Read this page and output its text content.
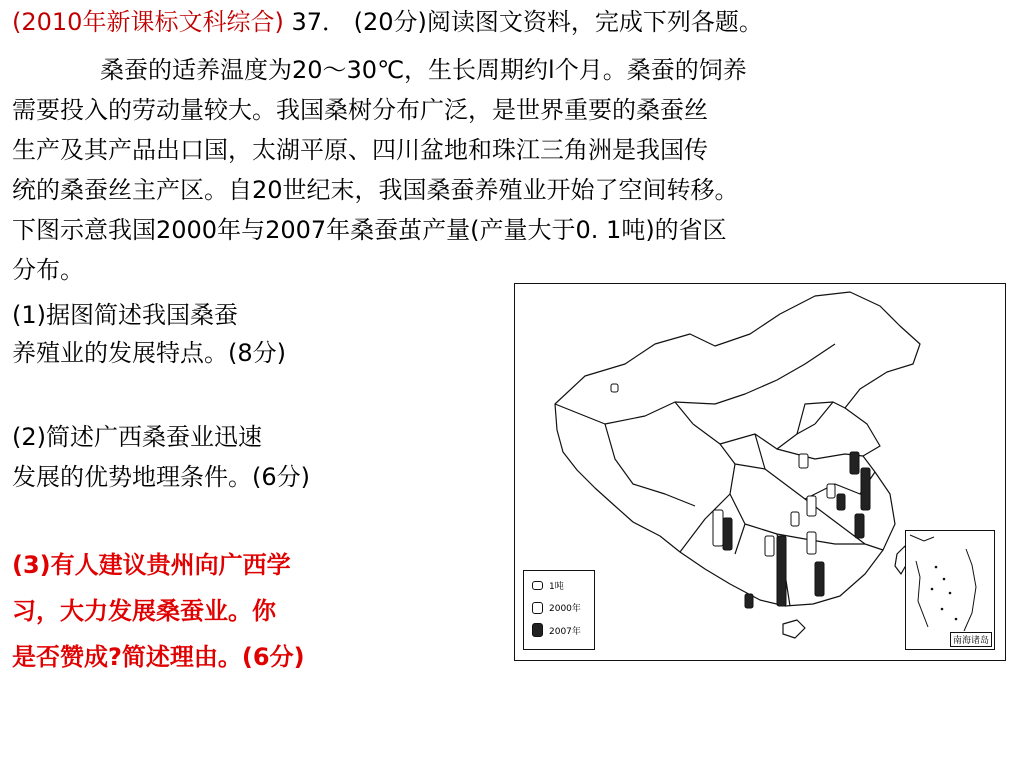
(2010年新课标文科综合) 37． (20分)阅读图文资料，完成下列各题。
桑蚕的适养温度为20～30℃，生长周期约l个月。桑蚕的饲养
需要投入的劳动量较大。我国桑树分布广泛，是世界重要的桑蚕丝
生产及其产品出口国，太湖平原、四川盆地和珠江三角洲是我国传
统的桑蚕丝主产区。自20世纪末，我国桑蚕养殖业开始了空间转移。
下图示意我国2000年与2007年桑蚕茧产量(产量大于0. 1吨)的省区
分布。
(1)据图简述我国桑蚕
养殖业的发展特点。(8分)
(2)简述广西桑蚕业迅速
发展的优势地理条件。(6分)
(3)有人建议贵州向广西学
习，大力发展桑蚕业。你
是否赞成?简述理由。(6分)
1吨
2000年
2007年
南海诸岛
